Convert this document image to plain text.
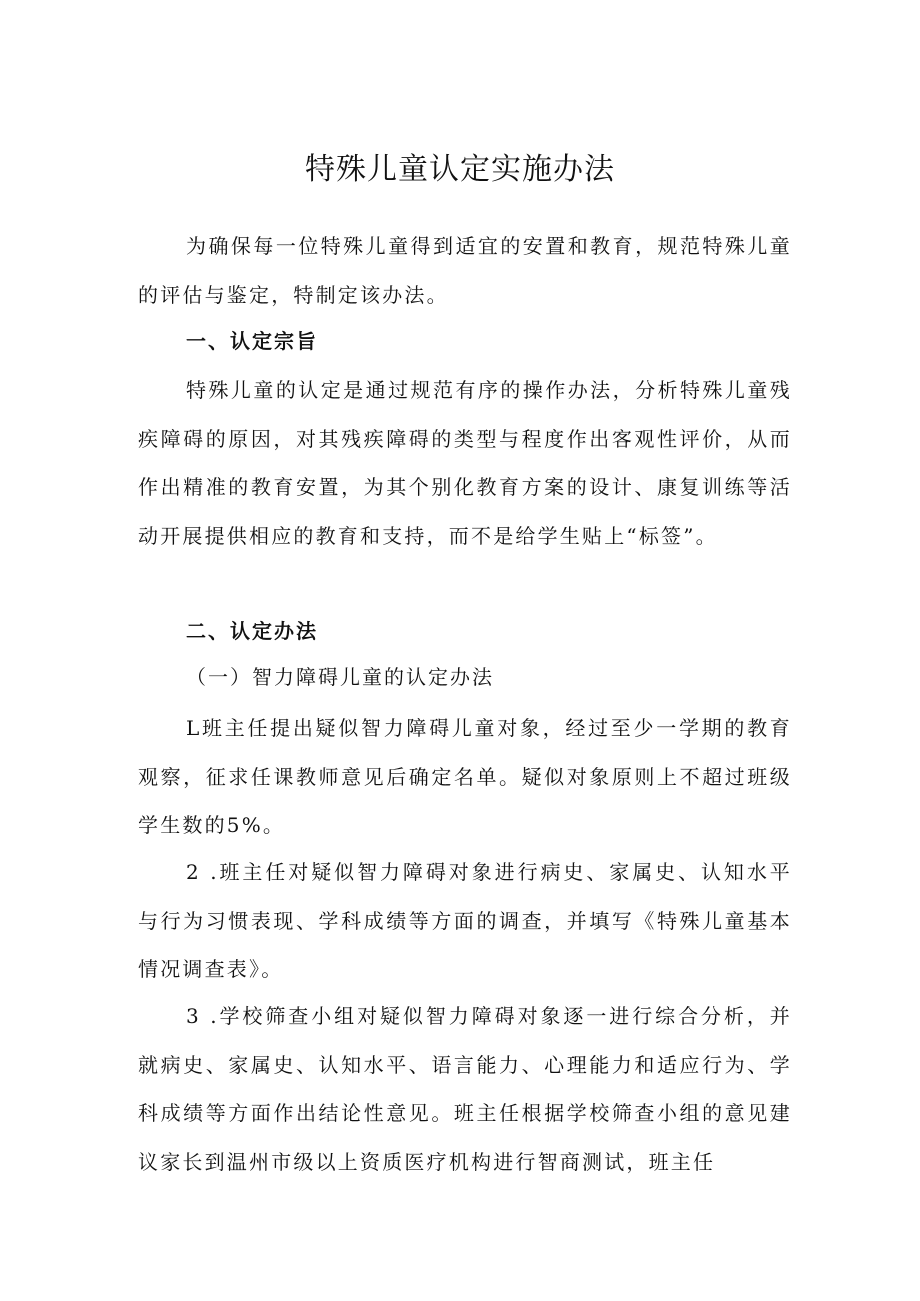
特殊儿童认定实施办法

为确保每一位特殊儿童得到适宜的安置和教育，规范特殊儿童的评估与鉴定，特制定该办法。

一、认定宗旨

特殊儿童的认定是通过规范有序的操作办法，分析特殊儿童残疾障碍的原因，对其残疾障碍的类型与程度作出客观性评价，从而作出精准的教育安置，为其个别化教育方案的设计、康复训练等活动开展提供相应的教育和支持，而不是给学生贴上“标签”。

二、认定办法
（一）智力障碍儿童的认定办法

L班主任提出疑似智力障碍儿童对象，经过至少一学期的教育观察，征求任课教师意见后确定名单。疑似对象原则上不超过班级学生数的5%。

2 .班主任对疑似智力障碍对象进行病史、家属史、认知水平与行为习惯表现、学科成绩等方面的调查，并填写《特殊儿童基本情况调查表》。

3 .学校筛查小组对疑似智力障碍对象逐一进行综合分析，并就病史、家属史、认知水平、语言能力、心理能力和适应行为、学科成绩等方面作出结论性意见。班主任根据学校筛查小组的意见建议家长到温州市级以上资质医疗机构进行智商测试，班主任
